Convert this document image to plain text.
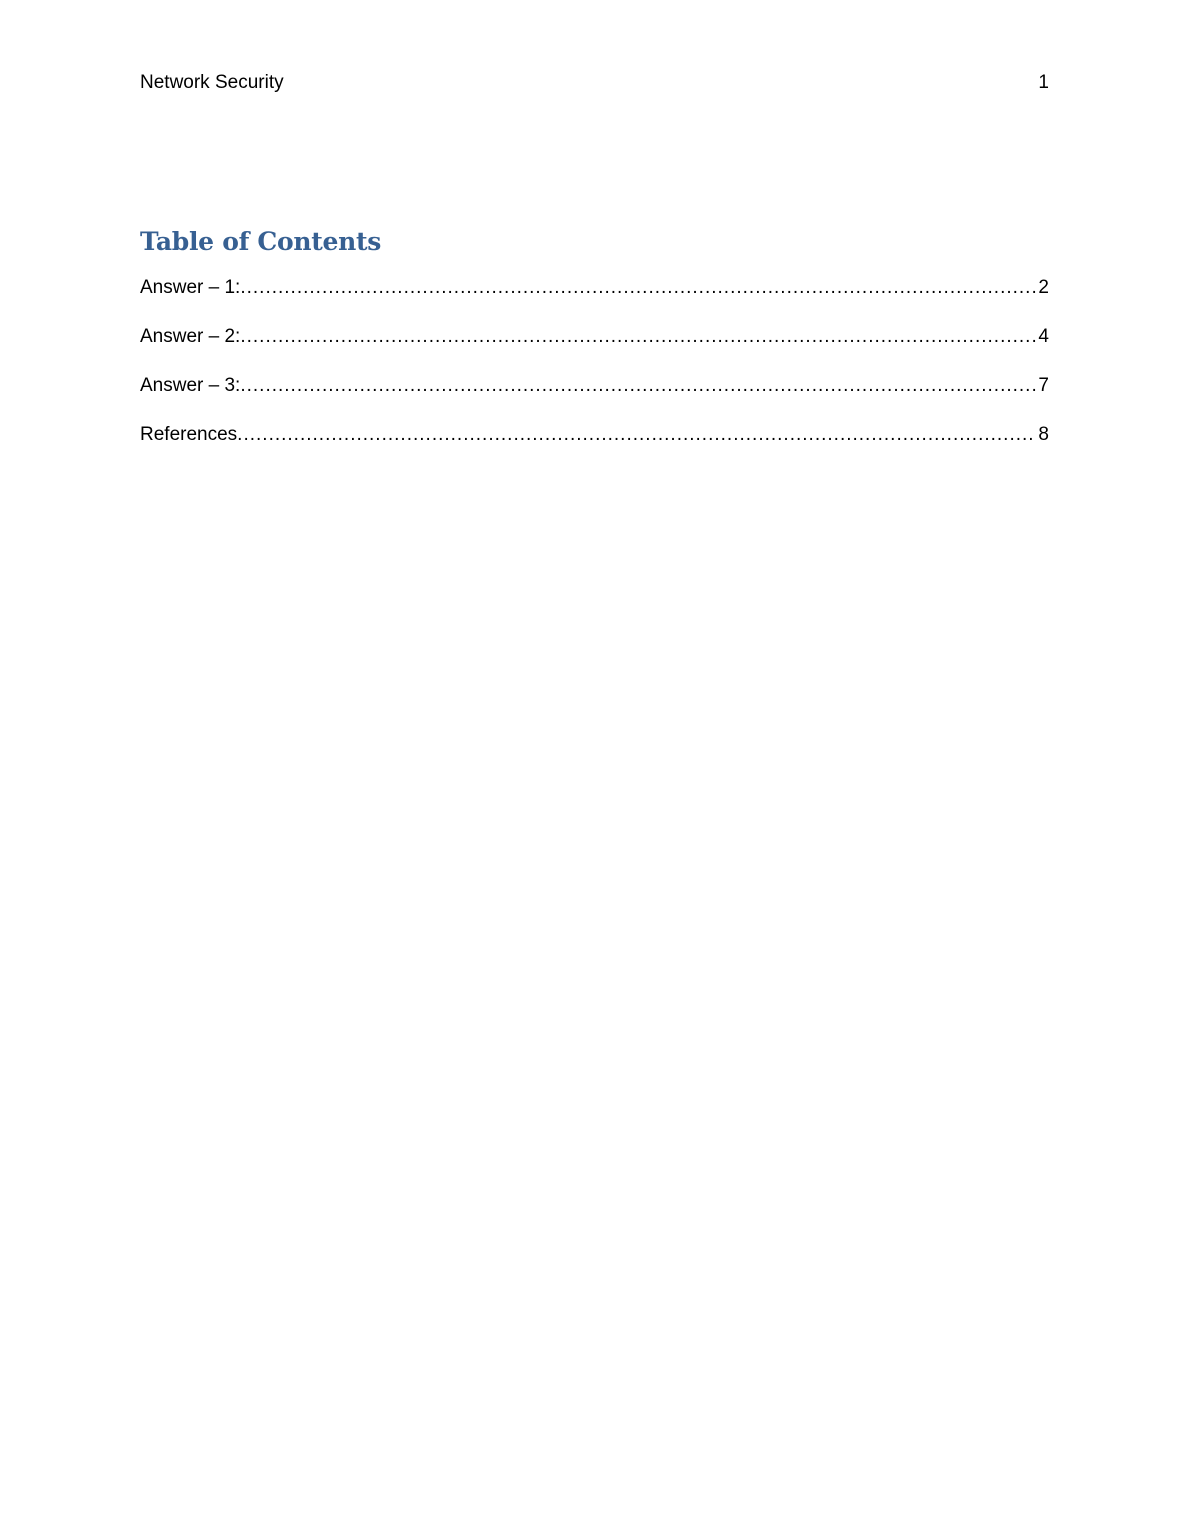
Network Security	1
Table of Contents
Answer – 1: .....	2
Answer – 2: .....	4
Answer – 3: .....	7
References .....	8
